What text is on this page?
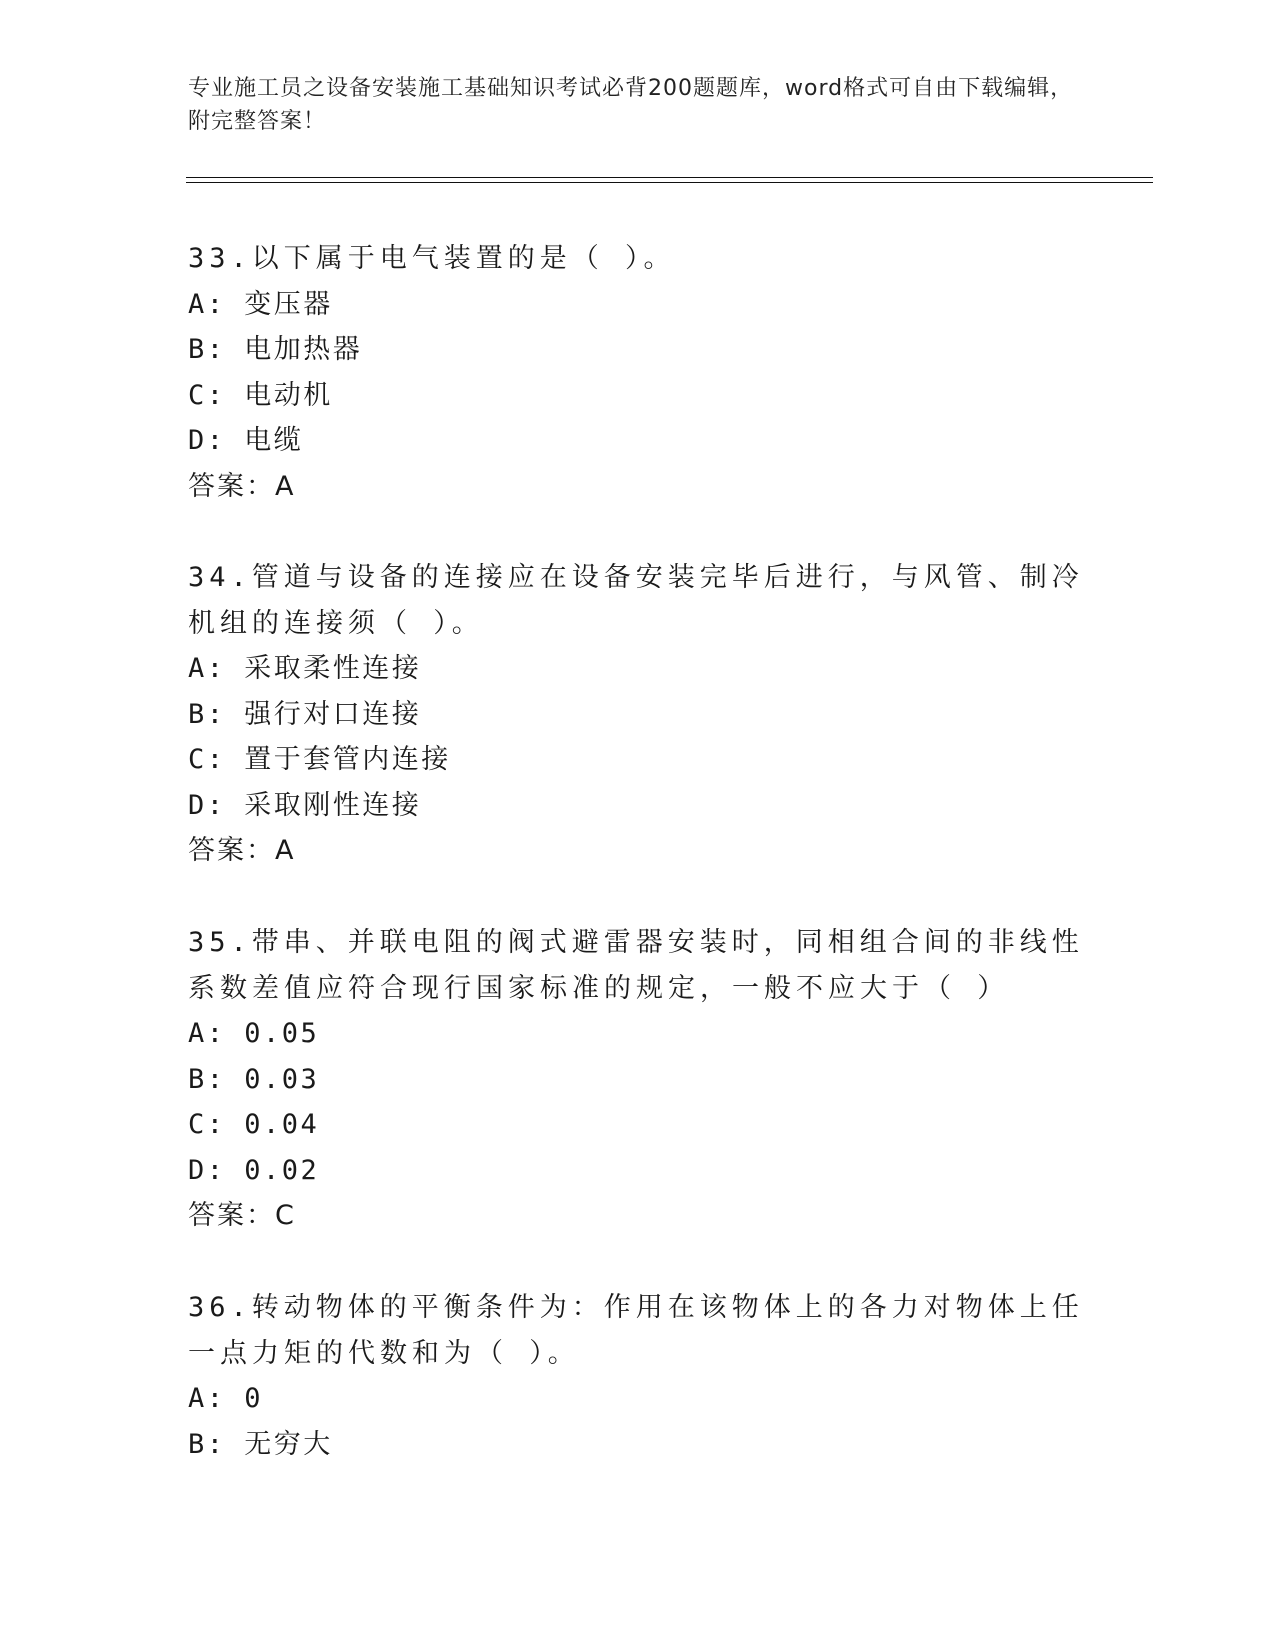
专业施工员之设备安装施工基础知识考试必背200题题库，word格式可自由下载编辑，附完整答案！
33.以下属于电气装置的是（ ）。
A: 变压器
B: 电加热器
C: 电动机
D: 电缆
答案：A
34.管道与设备的连接应在设备安装完毕后进行，与风管、制冷机组的连接须（ ）。
A: 采取柔性连接
B: 强行对口连接
C: 置于套管内连接
D: 采取刚性连接
答案：A
35.带串、并联电阻的阀式避雷器安装时，同相组合间的非线性系数差值应符合现行国家标准的规定，一般不应大于（ ）
A: 0.05
B: 0.03
C: 0.04
D: 0.02
答案：C
36.转动物体的平衡条件为：作用在该物体上的各力对物体上任一点力矩的代数和为（ ）。
A: 0
B: 无穷大
